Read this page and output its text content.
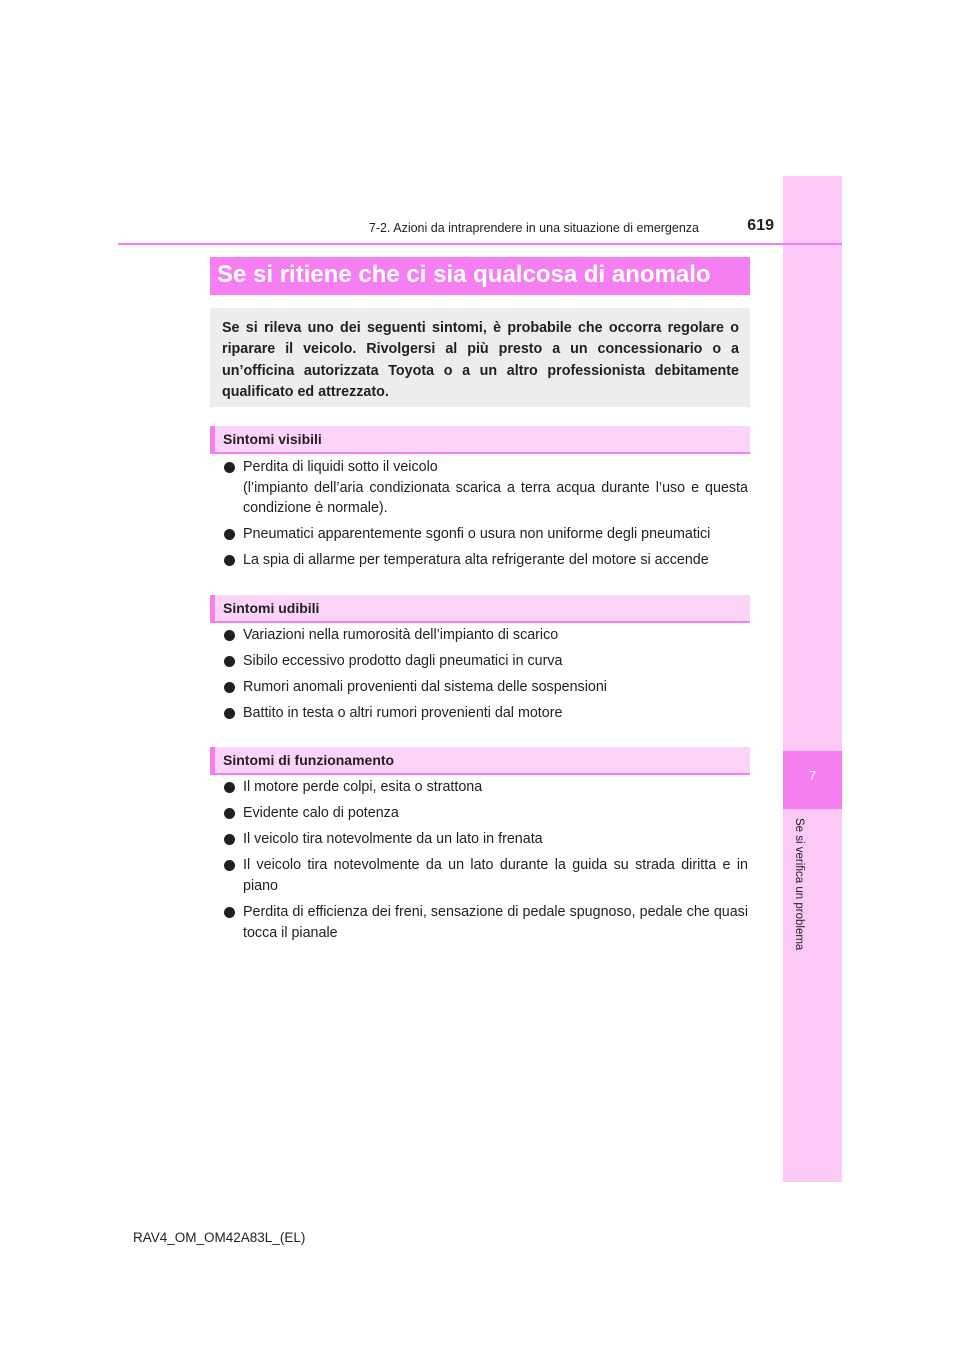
7
Se si verifica un problema
7-2. Azioni da intraprendere in una situazione di emergenza	619
Se si ritiene che ci sia qualcosa di anomalo
Se si rileva uno dei seguenti sintomi, è probabile che occorra regolare o riparare il veicolo. Rivolgersi al più presto a un concessionario o a un’officina autorizzata Toyota o a un altro professionista debitamente qualificato ed attrezzato.
Sintomi visibili
Perdita di liquidi sotto il veicolo
(l’impianto dell’aria condizionata scarica a terra acqua durante l’uso e questa condizione è normale).
Pneumatici apparentemente sgonfi o usura non uniforme degli pneumatici
La spia di allarme per temperatura alta refrigerante del motore si accende
Sintomi udibili
Variazioni nella rumorosità dell’impianto di scarico
Sibilo eccessivo prodotto dagli pneumatici in curva
Rumori anomali provenienti dal sistema delle sospensioni
Battito in testa o altri rumori provenienti dal motore
Sintomi di funzionamento
Il motore perde colpi, esita o strattona
Evidente calo di potenza
Il veicolo tira notevolmente da un lato in frenata
Il veicolo tira notevolmente da un lato durante la guida su strada diritta e in piano
Perdita di efficienza dei freni, sensazione di pedale spugnoso, pedale che quasi tocca il pianale
RAV4_OM_OM42A83L_(EL)
